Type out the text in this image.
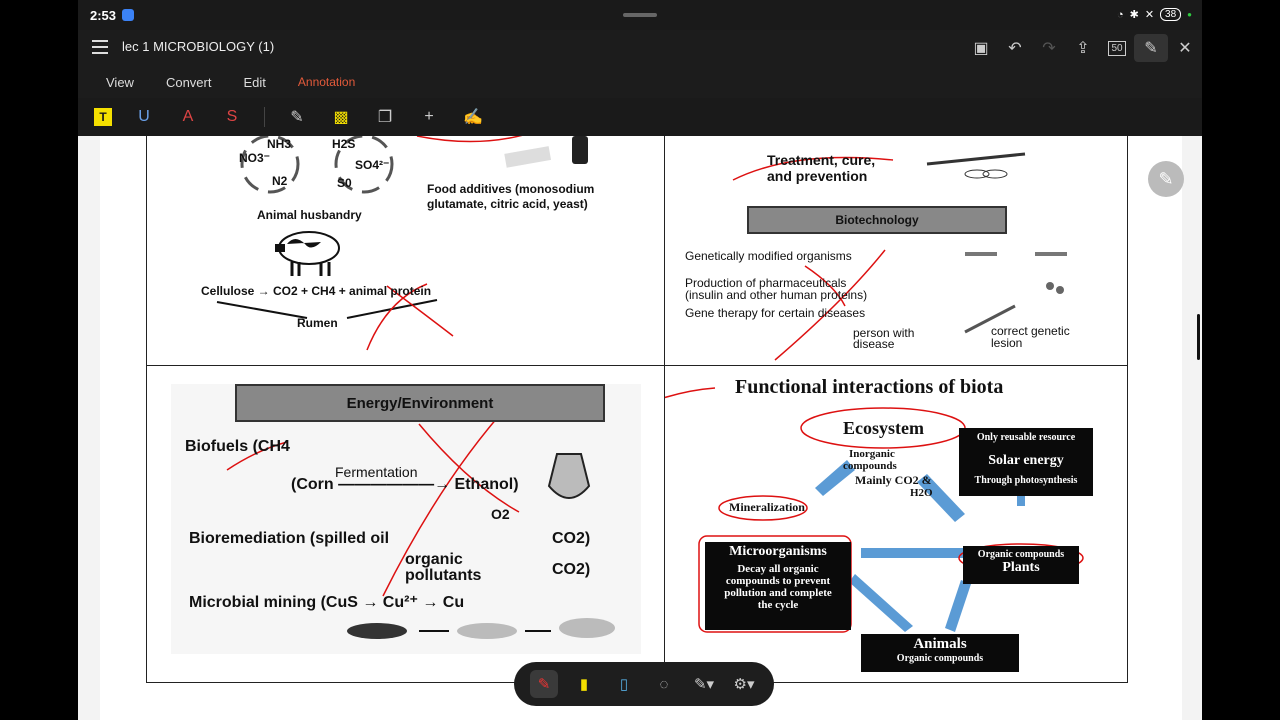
2:53	◔ ✱ ✕	38	●
lec 1 MICROBIOLOGY (1)	▣	↶	↷	⇪	50	✎	✕
View Convert Edit	Annotation
T	U	A	S	✎	▩	❐	+	✍
NH3
NO3⁻
N2
H2S
SO4²⁻
S0
Animal husbandry
Food additives (monosodium
glutamate, citric acid, yeast)
Cellulose → CO2 + CH4 + animal protein
Rumen
Treatment, cure,
and prevention
Biotechnology
Genetically modified organisms
Production of pharmaceuticals
(insulin and other human proteins)
Gene therapy for certain diseases
person with
disease
correct genetic
lesion
Energy/Environment
Biofuels (CH4
Fermentation
(Corn ——————→ Ethanol)
O2
Bioremediation (spilled oil	CO2)
organic
pollutants	CO2)
Microbial mining (CuS → Cu²⁺ → Cu
Functional interactions of biota
Ecosystem
Inorganic
compounds
Mainly CO2 &
H2O
Only reusable resource
Solar energy
Through photosynthesis
Mineralization
Microorganisms
Decay all organic
compounds to prevent
pollution and complete
the cycle
Organic compounds
Plants
Animals
Organic compounds
✎
✎ ▮ ▯	◌	✎▾ ⚙▾
